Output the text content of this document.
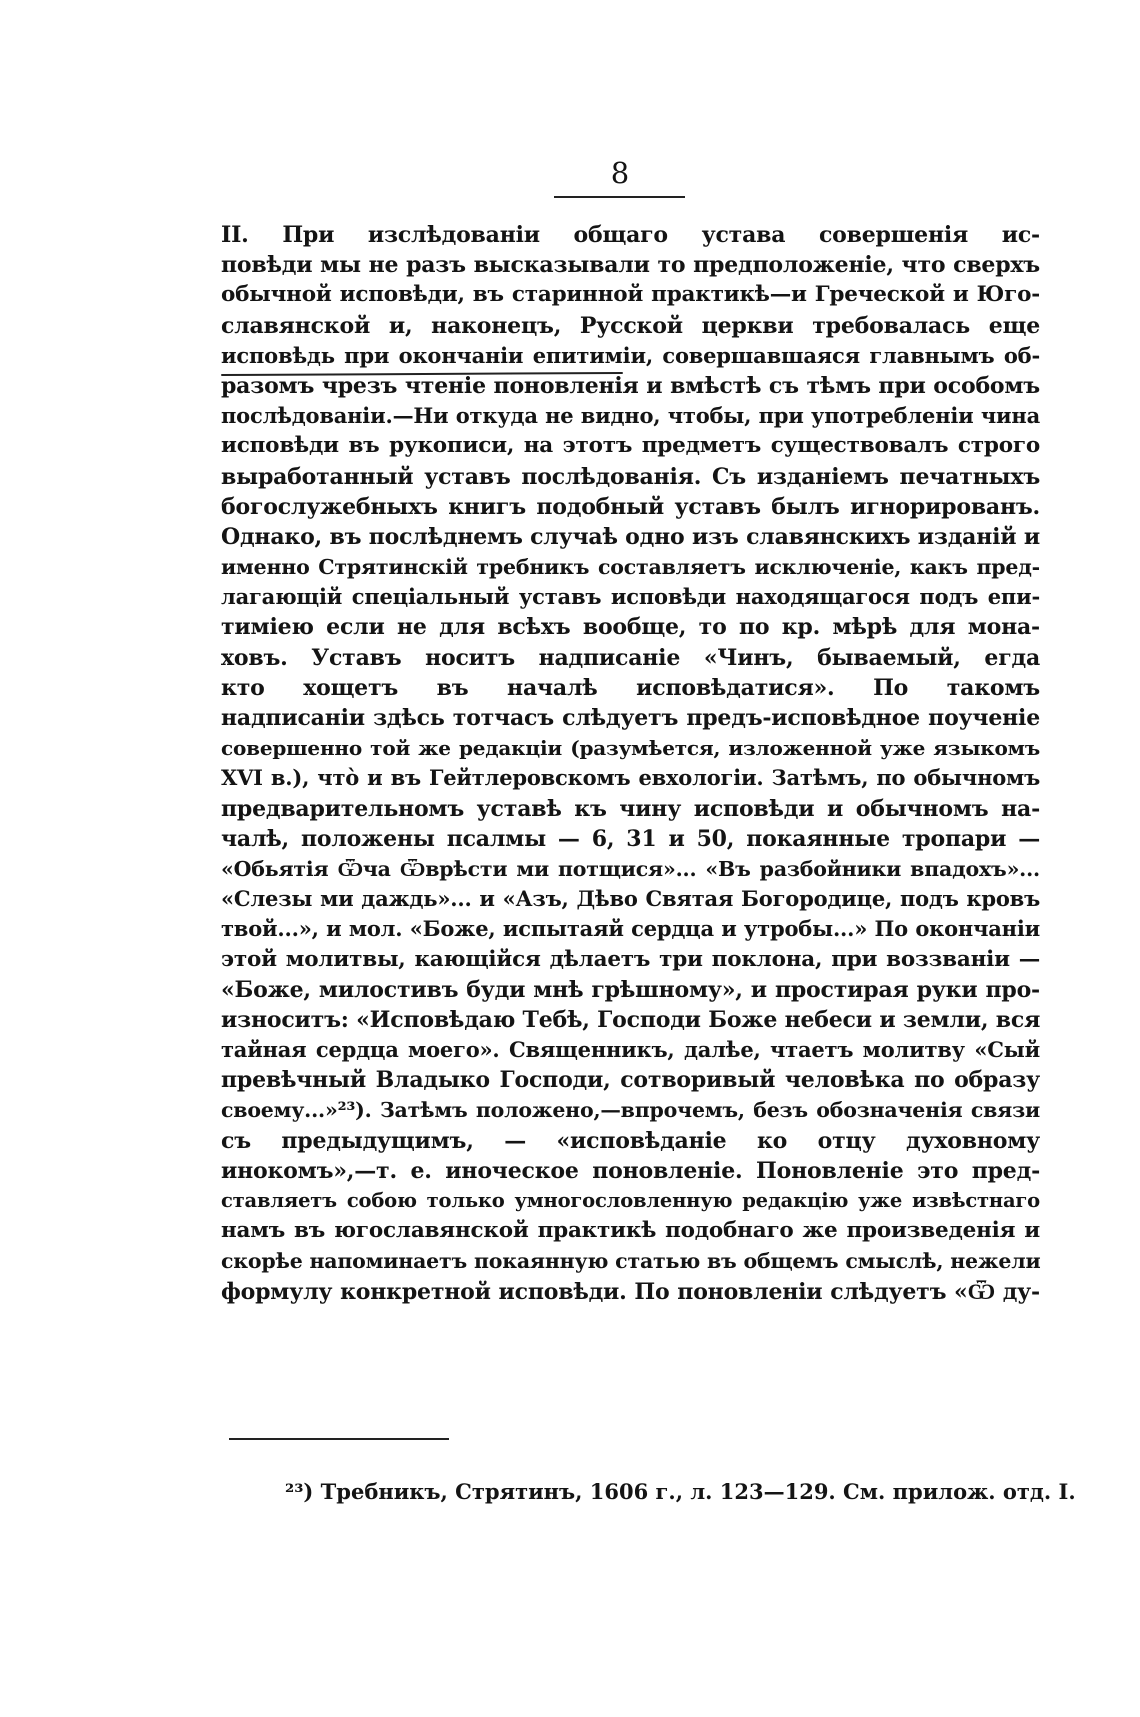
8
II. При изслѣдованіи общаго устава совершенія ис-
повѣди мы не разъ высказывали то предположеніе, что сверхъ
обычной исповѣди, въ старинной практикѣ—и Греческой и Юго-
славянской и, наконецъ, Русской церкви требовалась еще
исповѣдь при окончаніи епитиміи, совершавшаяся главнымъ об-
разомъ чрезъ чтеніе поновленія и вмѣстѣ съ тѣмъ при особомъ
послѣдованіи.—Ни откуда не видно, чтобы, при употребленіи чина
исповѣди въ рукописи, на этотъ предметъ существовалъ строго
выработанный уставъ послѣдованія. Съ изданіемъ печатныхъ
богослужебныхъ книгъ подобный уставъ былъ игнорированъ.
Однако, въ послѣднемъ случаѣ одно изъ славянскихъ изданій и
именно Стрятинскій требникъ составляетъ исключеніе, какъ пред-
лагающій спеціальный уставъ исповѣди находящагося подъ епи-
тиміею если не для всѣхъ вообще, то по кр. мѣрѣ для мона-
ховъ. Уставъ носитъ надписаніе «Чинъ, бываемый, егда
кто хощетъ въ началѣ исповѣдатися». По такомъ
надписаніи здѣсь тотчасъ слѣдуетъ предъ-исповѣдное поученіе
совершенно той же редакціи (разумѣется, изложенной уже языкомъ
XVI в.), что̀ и въ Гейтлеровскомъ евхологіи. Затѣмъ, по обычномъ
предварительномъ уставѣ къ чину исповѣди и обычномъ на-
чалѣ, положены псалмы — 6, 31 и 50, покаянные тропари —
«Обьятія Ѿча Ѿврѣсти ми потщися»... «Въ разбойники впадохъ»...
«Слезы ми даждь»... и «Азъ, Дѣво Святая Богородице, подъ кровъ
твой...», и мол. «Боже, испытаяй сердца и утробы...» По окончаніи
этой молитвы, кающійся дѣлаетъ три поклона, при воззваніи —
«Боже, милостивъ буди мнѣ грѣшному», и простирая руки про-
износитъ: «Исповѣдаю Тебѣ, Господи Боже небеси и земли, вся
тайная сердца моего». Священникъ, далѣе, чтаетъ молитву «Сый
превѣчный Владыко Господи, сотворивый человѣка по образу
своему...»²³). Затѣмъ положено,—впрочемъ, безъ обозначенія связи
съ предыдущимъ, — «исповѣданіе ко отцу духовному
инокомъ»,—т. е. иноческое поновленіе. Поновленіе это пред-
ставляетъ собою только умногословленную редакцію уже извѣстнаго
намъ въ югославянской практикѣ подобнаго же произведенія и
скорѣе напоминаетъ покаянную статью въ общемъ смыслѣ, нежели
формулу конкретной исповѣди. По поновленіи слѣдуетъ «Ѿ ду-
²³) Требникъ, Стрятинъ, 1606 г., л. 123—129. См. прилож. отд. I.
